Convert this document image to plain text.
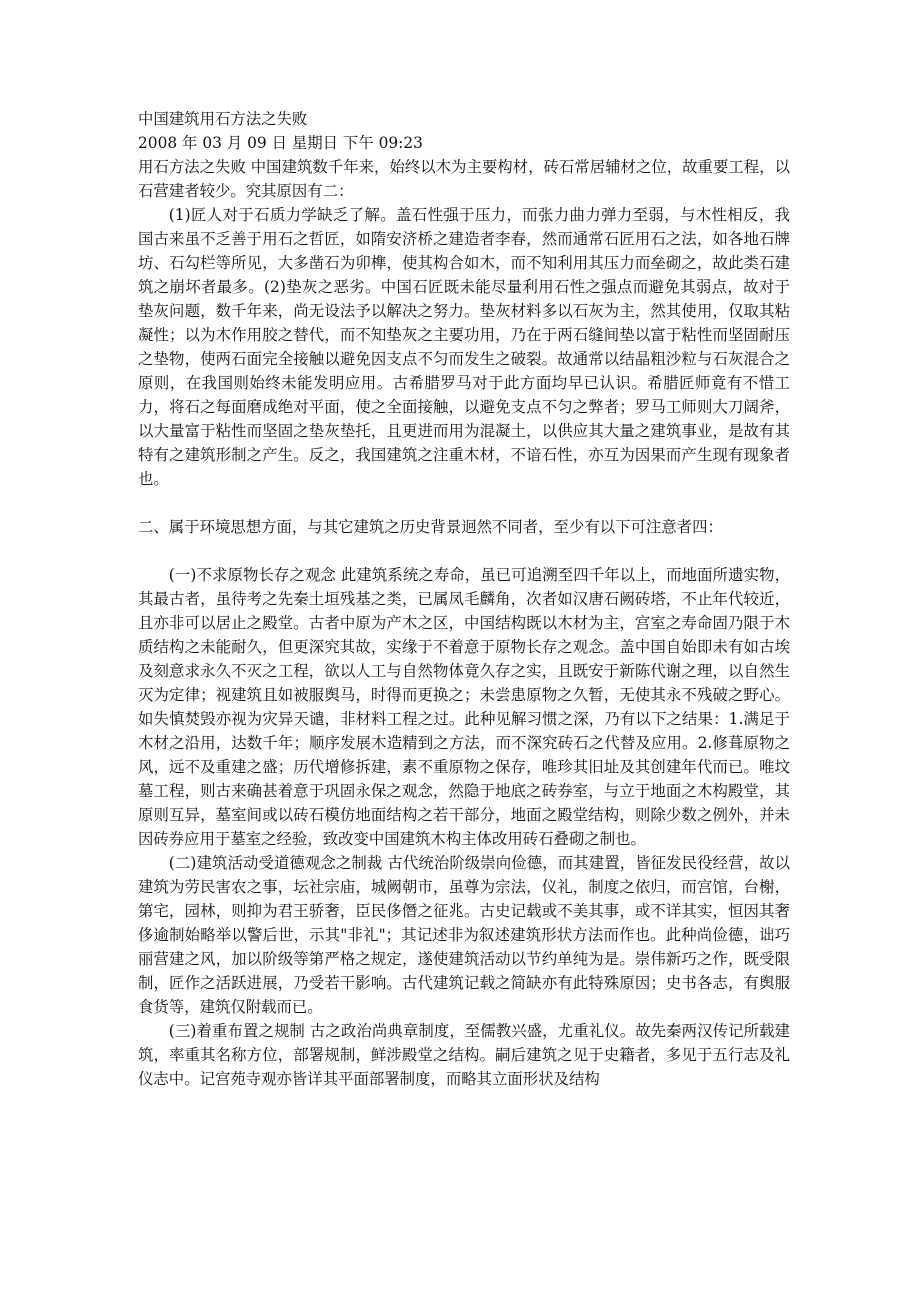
中国建筑用石方法之失败
2008 年 03 月 09 日 星期日 下午 09:23

用石方法之失败 中国建筑数千年来，始终以木为主要构材，砖石常居辅材之位，故重要工程，以石营建者较少。究其原因有二：

(1)匠人对于石质力学缺乏了解。盖石性强于压力，而张力曲力弹力至弱，与木性相反，我国古来虽不乏善于用石之哲匠，如隋安济桥之建造者李春，然而通常石匠用石之法，如各地石牌坊、石勾栏等所见，大多凿石为卯榫，使其构合如木，而不知利用其压力而垒砌之，故此类石建筑之崩坏者最多。(2)垫灰之恶劣。中国石匠既未能尽量利用石性之强点而避免其弱点，故对于垫灰问题，数千年来，尚无设法予以解决之努力。垫灰材料多以石灰为主，然其使用，仅取其粘凝性；以为木作用胶之替代，而不知垫灰之主要功用，乃在于两石缝间垫以富于粘性而坚固耐压之垫物，使两石面完全接触以避免因支点不匀而发生之破裂。故通常以结晶粗沙粒与石灰混合之原则，在我国则始终未能发明应用。古希腊罗马对于此方面均早已认识。希腊匠师竟有不惜工力，将石之每面磨成绝对平面，使之全面接触，以避免支点不匀之弊者；罗马工师则大刀阔斧，以大量富于粘性而坚固之垫灰垫托，且更进而用为混凝土，以供应其大量之建筑事业，是故有其特有之建筑形制之产生。反之，我国建筑之注重木材，不谙石性，亦互为因果而产生现有现象者也。

二、属于环境思想方面，与其它建筑之历史背景迥然不同者，至少有以下可注意者四：

(一)不求原物长存之观念 此建筑系统之寿命，虽已可追溯至四千年以上，而地面所遗实物，其最古者，虽待考之先秦土垣残基之类，已属凤毛麟角，次者如汉唐石阙砖塔，不止年代较近，且亦非可以居止之殿堂。古者中原为产木之区，中国结构既以木材为主，宫室之寿命固乃限于木质结构之未能耐久，但更深究其故，实缘于不着意于原物长存之观念。盖中国自始即未有如古埃及刻意求永久不灭之工程，欲以人工与自然物体竟久存之实，且既安于新陈代谢之理，以自然生灭为定律；视建筑且如被服舆马，时得而更换之；未尝患原物之久暂，无使其永不残破之野心。如失慎焚毁亦视为灾异天谴，非材料工程之过。此种见解习惯之深，乃有以下之结果：1.满足于木材之沿用，达数千年；顺序发展木造精到之方法，而不深究砖石之代替及应用。2.修葺原物之风，远不及重建之盛；历代增修拆建，素不重原物之保存，唯珍其旧址及其创建年代而已。唯坟墓工程，则古来确甚着意于巩固永保之观念，然隐于地底之砖券室，与立于地面之木构殿堂，其原则互异，墓室间或以砖石模仿地面结构之若干部分，地面之殿堂结构，则除少数之例外，并未因砖券应用于墓室之经验，致改变中国建筑木构主体改用砖石叠砌之制也。

(二)建筑活动受道德观念之制裁 古代统治阶级崇向俭德，而其建置，皆征发民役经营，故以建筑为劳民害农之事，坛社宗庙，城阙朝市，虽尊为宗法，仪礼，制度之依归，而宫馆，台榭，第宅，园林，则抑为君王骄奢，臣民侈僭之征兆。古史记载或不美其事，或不详其实，恒因其奢侈逾制始略举以警后世，示其"非礼"；其记述非为叙述建筑形状方法而作也。此种尚俭德，诎巧丽营建之风，加以阶级等第严格之规定，遂使建筑活动以节约单纯为是。崇伟新巧之作，既受限制，匠作之活跃进展，乃受若干影响。古代建筑记载之简缺亦有此特殊原因；史书各志，有舆服食货等，建筑仅附载而已。

(三)着重布置之规制 古之政治尚典章制度，至儒教兴盛，尤重礼仪。故先秦两汉传记所载建筑，率重其名称方位，部署规制，鲜涉殿堂之结构。嗣后建筑之见于史籍者，多见于五行志及礼仪志中。记宫苑寺观亦皆详其平面部署制度，而略其立面形状及结构
